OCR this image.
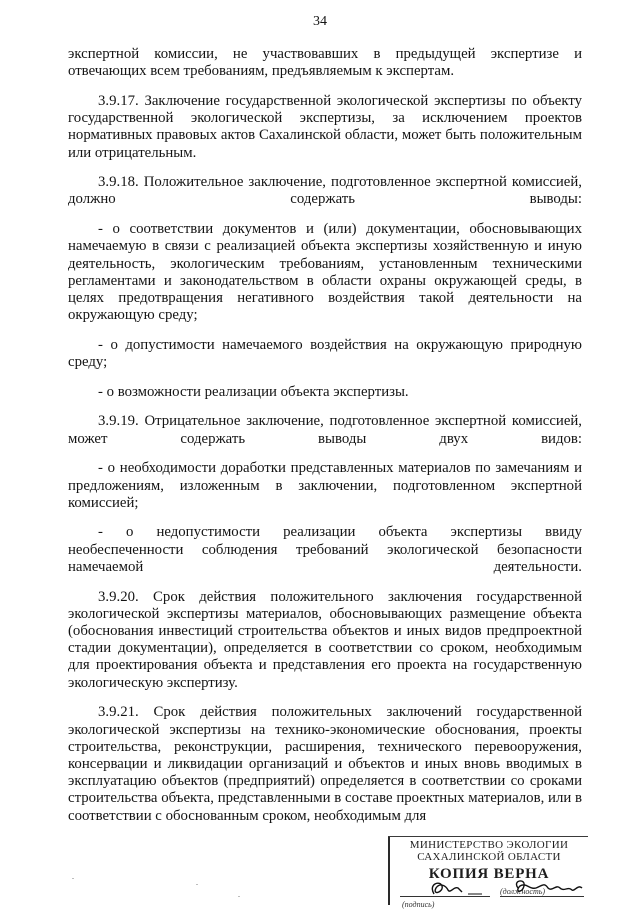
34

экспертной комиссии, не участвовавших в предыдущей экспертизе и отвечающих всем требованиям, предъявляемым к экспертам.

3.9.17. Заключение государственной экологической экспертизы по объекту государственной экологической экспертизы, за исключением проектов нормативных правовых актов Сахалинской области, может быть положительным или отрицательным.

3.9.18. Положительное заключение, подготовленное экспертной комиссией, должно содержать выводы:

- о соответствии документов и (или) документации, обосновывающих намечаемую в связи с реализацией объекта экспертизы хозяйственную и иную деятельность, экологическим требованиям, установленным техническими регламентами и законодательством в области охраны окружающей среды, в целях предотвращения негативного воздействия такой деятельности на окружающую среду;

- о допустимости намечаемого воздействия на окружающую природную среду;

- о возможности реализации объекта экспертизы.

3.9.19. Отрицательное заключение, подготовленное экспертной комиссией, может содержать выводы двух видов:

- о необходимости доработки представленных материалов по замечаниям и предложениям, изложенным в заключении, подготовленном экспертной комиссией;

- о недопустимости реализации объекта экспертизы ввиду необеспеченности соблюдения требований экологической безопасности намечаемой деятельности.

3.9.20. Срок действия положительного заключения государственной экологической экспертизы материалов, обосновывающих размещение объекта (обоснования инвестиций строительства объектов и иных видов предпроектной стадии документации), определяется в соответствии со сроком, необходимым для проектирования объекта и представления его проекта на государственную экологическую экспертизу.

3.9.21. Срок действия положительных заключений государственной экологической экспертизы на технико-экономические обоснования, проекты строительства, реконструкции, расширения, технического перевооружения, консервации и ликвидации организаций и объектов и иных вновь вводимых в эксплуатацию объектов (предприятий) определяется в соответствии со сроками строительства объекта, представленными в составе проектных материалов, или в соответствии с обоснованным сроком, необходимым для

МИНИСТЕРСТВО ЭКОЛОГИИ
САХАЛИНСКОЙ ОБЛАСТИ
КОПИЯ ВЕРНА
(должность)
(подпись)
